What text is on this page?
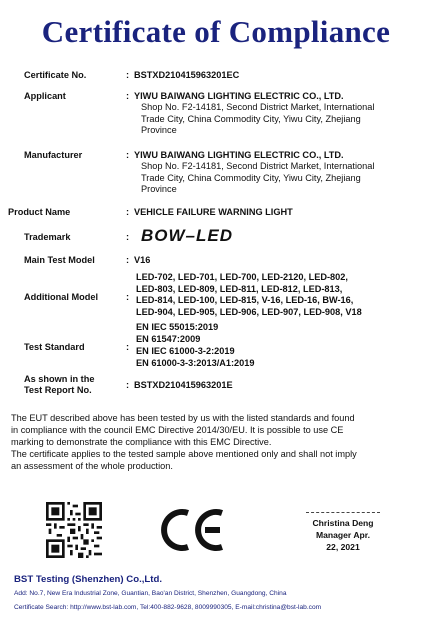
Certificate of Compliance
Certificate No.	: BSTXD210415963201EC
Applicant	: YIWU BAIWANG LIGHTING ELECTRIC CO., LTD.
Shop No. F2-14181, Second District Market, International
Trade City, China Commodity City, Yiwu City, Zhejiang
Province
Manufacturer	: YIWU BAIWANG LIGHTING ELECTRIC CO., LTD.
Shop No. F2-14181, Second District Market, International
Trade City, China Commodity City, Yiwu City, Zhejiang
Province
Product Name	: VEHICLE FAILURE WARNING LIGHT
Trademark	: BOW–LED
Main Test Model	: V16
Additional Model	:
LED-702, LED-701, LED-700, LED-2120, LED-802,
LED-803, LED-809, LED-811, LED-812, LED-813,
LED-814, LED-100, LED-815, V-16, LED-16, BW-16,
LED-904, LED-905, LED-906, LED-907, LED-908, V18
Test Standard	:
EN IEC 55015:2019
EN 61547:2009
EN IEC 61000-3-2:2019
EN 61000-3-3:2013/A1:2019
As shown in the
Test Report No.	: BSTXD210415963201E
The EUT described above has been tested by us with the listed standards and found
in compliance with the council EMC Directive 2014/30/EU. It is possible to use CE
marking to demonstrate the compliance with this EMC Directive.
The certificate applies to the tested sample above mentioned only and shall not imply
an assessment of the whole production.
Christina Deng
Manager Apr.
22, 2021
BST Testing (Shenzhen) Co.,Ltd.
Add: No.7, New Era Industrial Zone, Guantian, Bao'an District, Shenzhen, Guangdong, China
Certificate Search: http://www.bst-lab.com, Tel:400-882-9628, 8009990305, E-mail:christina@bst-lab.com
